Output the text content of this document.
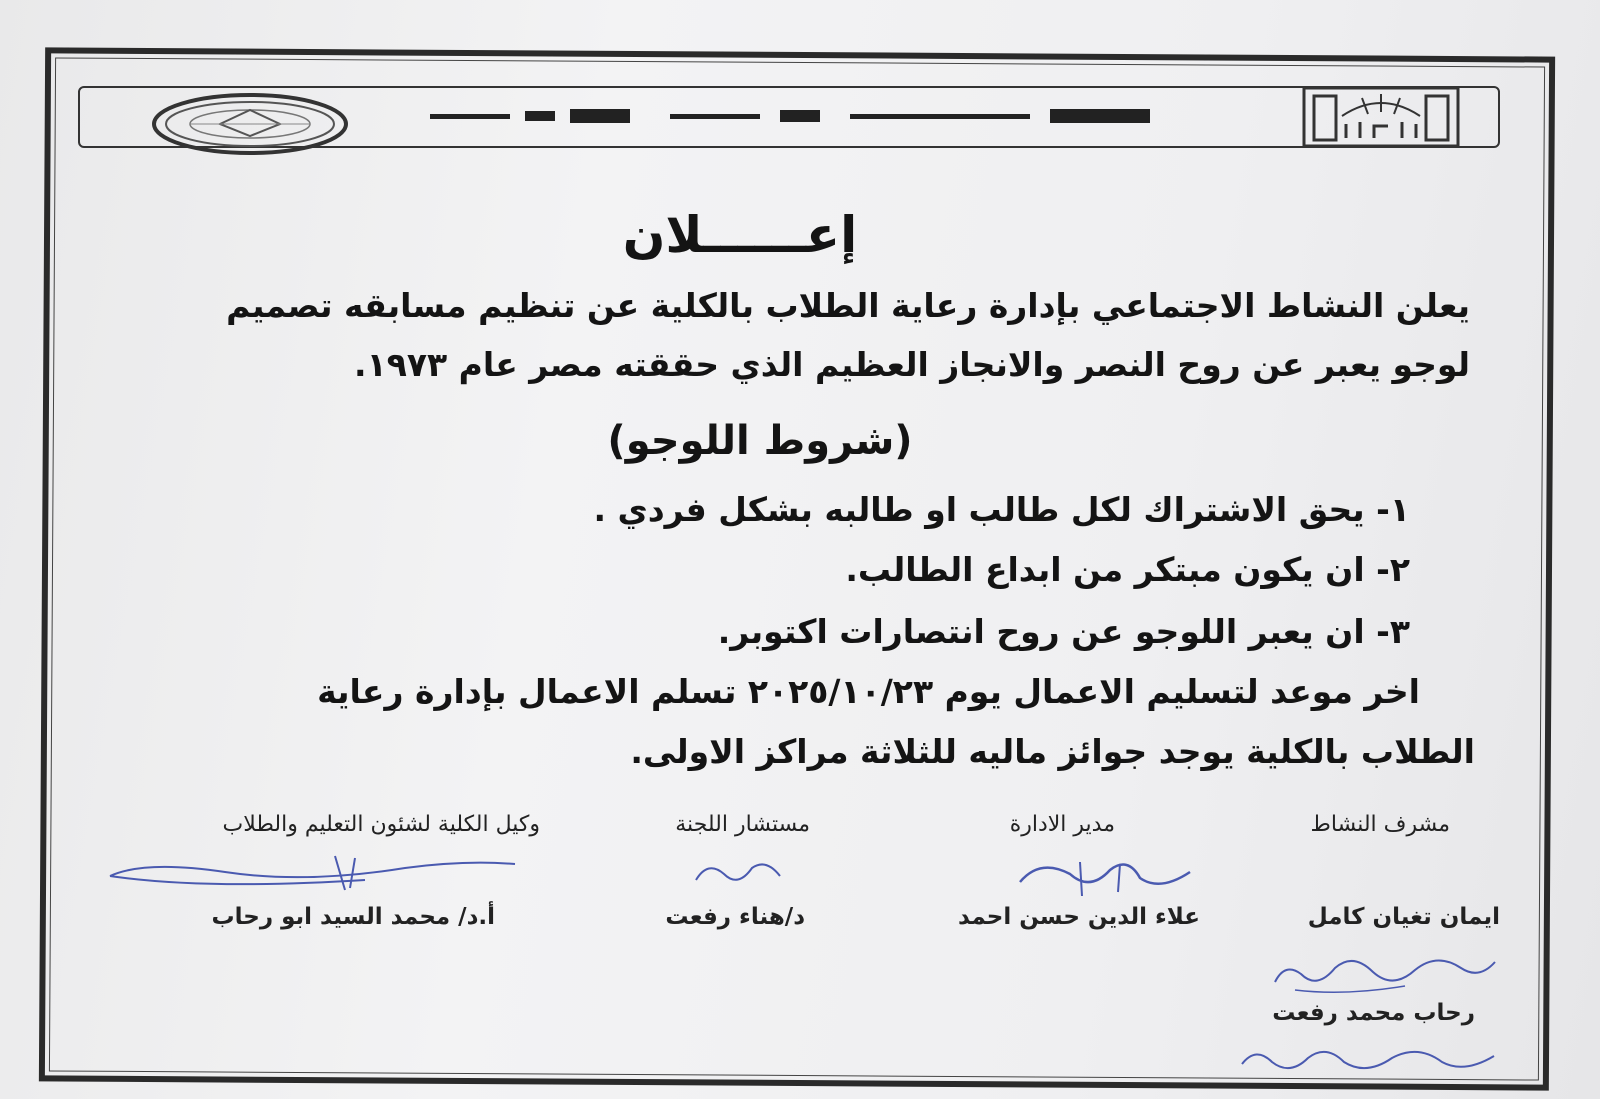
إعــــــلان
يعلن النشاط الاجتماعي بإدارة رعاية الطلاب بالكلية عن تنظيم مسابقه تصميم
لوجو يعبر عن روح النصر والانجاز العظيم الذي حققته مصر عام ١٩٧٣.
(شروط اللوجو)
١- يحق الاشتراك لكل طالب او طالبه بشكل فردي .
٢- ان يكون مبتكر من ابداع الطالب.
٣- ان يعبر اللوجو عن روح انتصارات اكتوبر.
اخر موعد لتسليم الاعمال يوم ٢٠٢٥/١٠/٢٣ تسلم الاعمال بإدارة رعاية
الطلاب بالكلية يوجد جوائز ماليه للثلاثة مراكز الاولى.
مشرف النشاط
مدير الادارة
مستشار اللجنة
وكيل الكلية لشئون التعليم والطلاب
ايمان تغيان كامل
علاء الدين حسن احمد
د/هناء رفعت
أ.د/ محمد السيد ابو رحاب
رحاب محمد رفعت
